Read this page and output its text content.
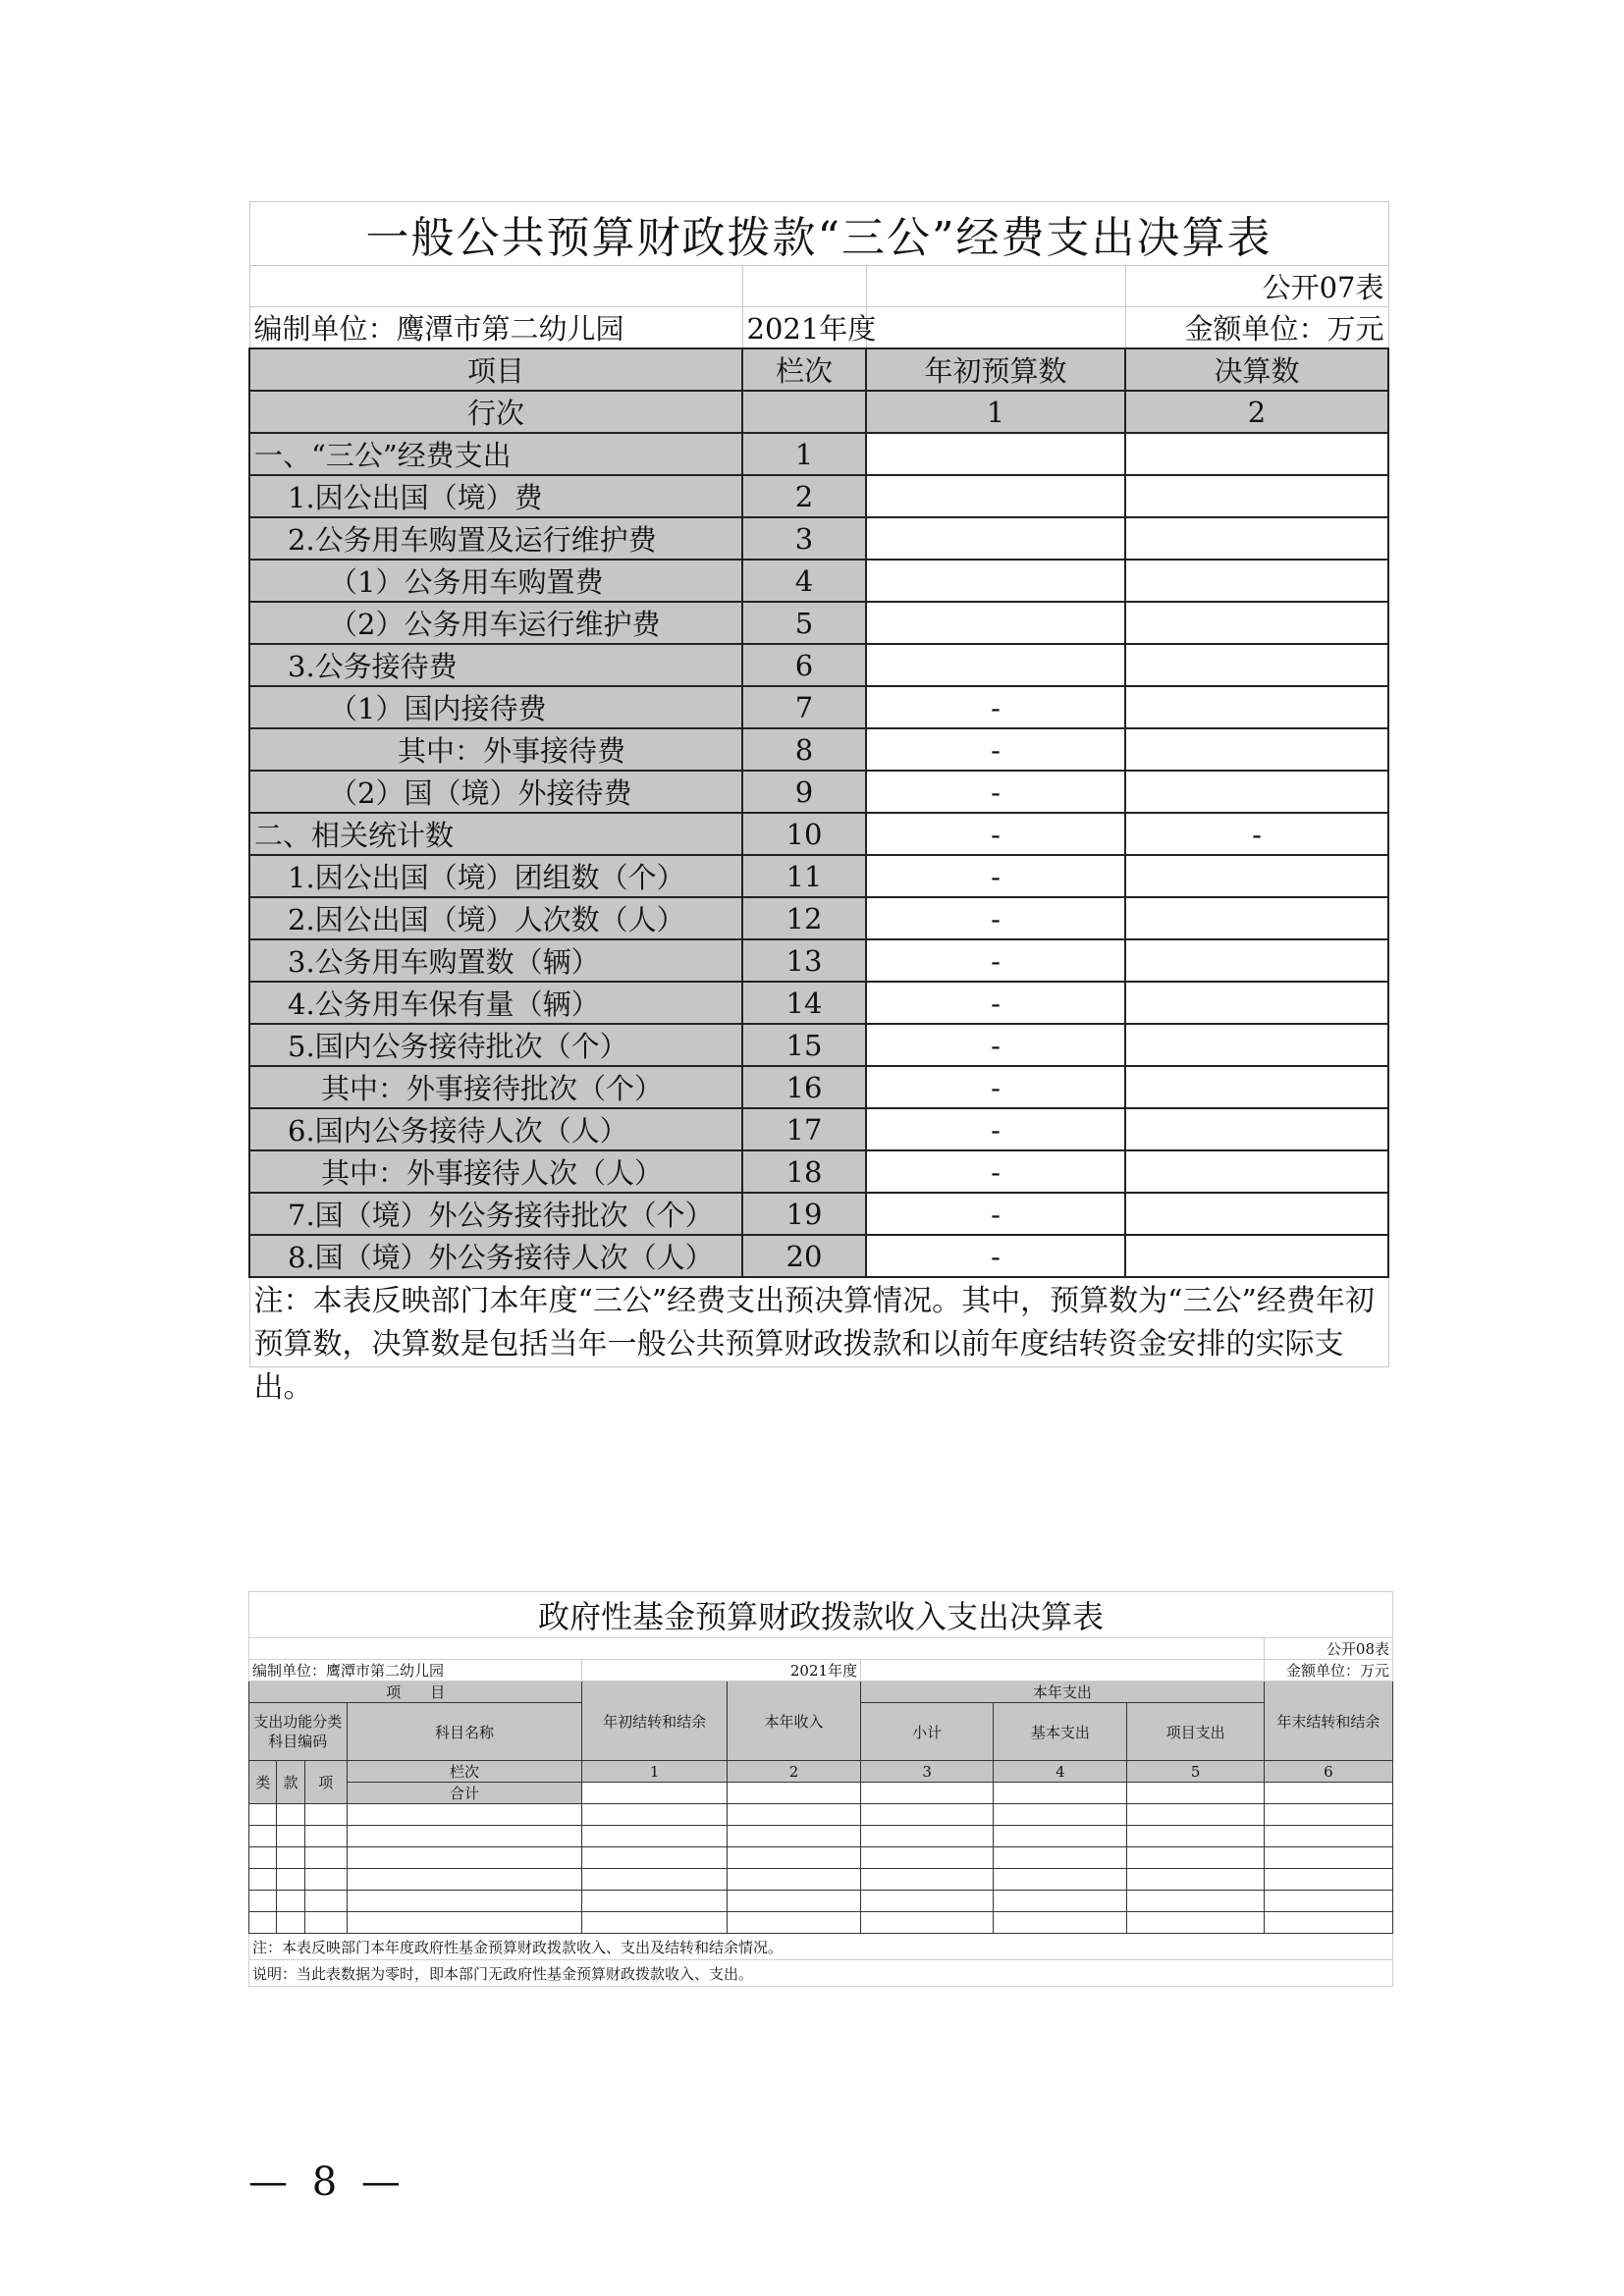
一般公共预算财政拨款“三公”经费支出决算表			
			公开07表
编制单位：鹰潭市第二幼儿园	2021年度		金额单位：万元
项目	栏次	年初预算数	决算数
行次		1	2
一、“三公”经费支出	1		
1.因公出国（境）费	2		
2.公务用车购置及运行维护费	3		
（1）公务用车购置费	4		
（2）公务用车运行维护费	5		
3.公务接待费	6		
（1）国内接待费	7	-	
其中：外事接待费	8	-	
（2）国（境）外接待费	9	-	
二、相关统计数	10	-	-
1.因公出国（境）团组数（个）	11	-	
2.因公出国（境）人次数（人）	12	-	
3.公务用车购置数（辆）	13	-	
4.公务用车保有量（辆）	14	-	
5.国内公务接待批次（个）	15	-	
其中：外事接待批次（个）	16	-	
6.国内公务接待人次（人）	17	-	
其中：外事接待人次（人）	18	-	
7.国（境）外公务接待批次（个）	19	-	
8.国（境）外公务接待人次（人）	20	-	

注：本表反映部门本年度“三公”经费支出预决算情况。其中，预算数为“三公”经费年初预算数，决算数是包括当年一般公共预算财政拨款和以前年度结转资金安排的实际支出。			
政府性基金预算财政拨款收入支出决算表									
									公开08表
编制单位：鹰潭市第二幼儿园				2021年度					金额单位：万元
项　　目				年初结转和结余	本年收入	本年支出			年末结转和结余
支出功能分类科目编码			科目名称			小计	基本支出	项目支出	
类	款	项	栏次	1	2	3	4	5	6
			合计						

注：本表反映部门本年度政府性基金预算财政拨款收入、支出及结转和结余情况。									
说明：当此表数据为零时，即本部门无政府性基金预算财政拨款收入、支出。									
— 8 —
